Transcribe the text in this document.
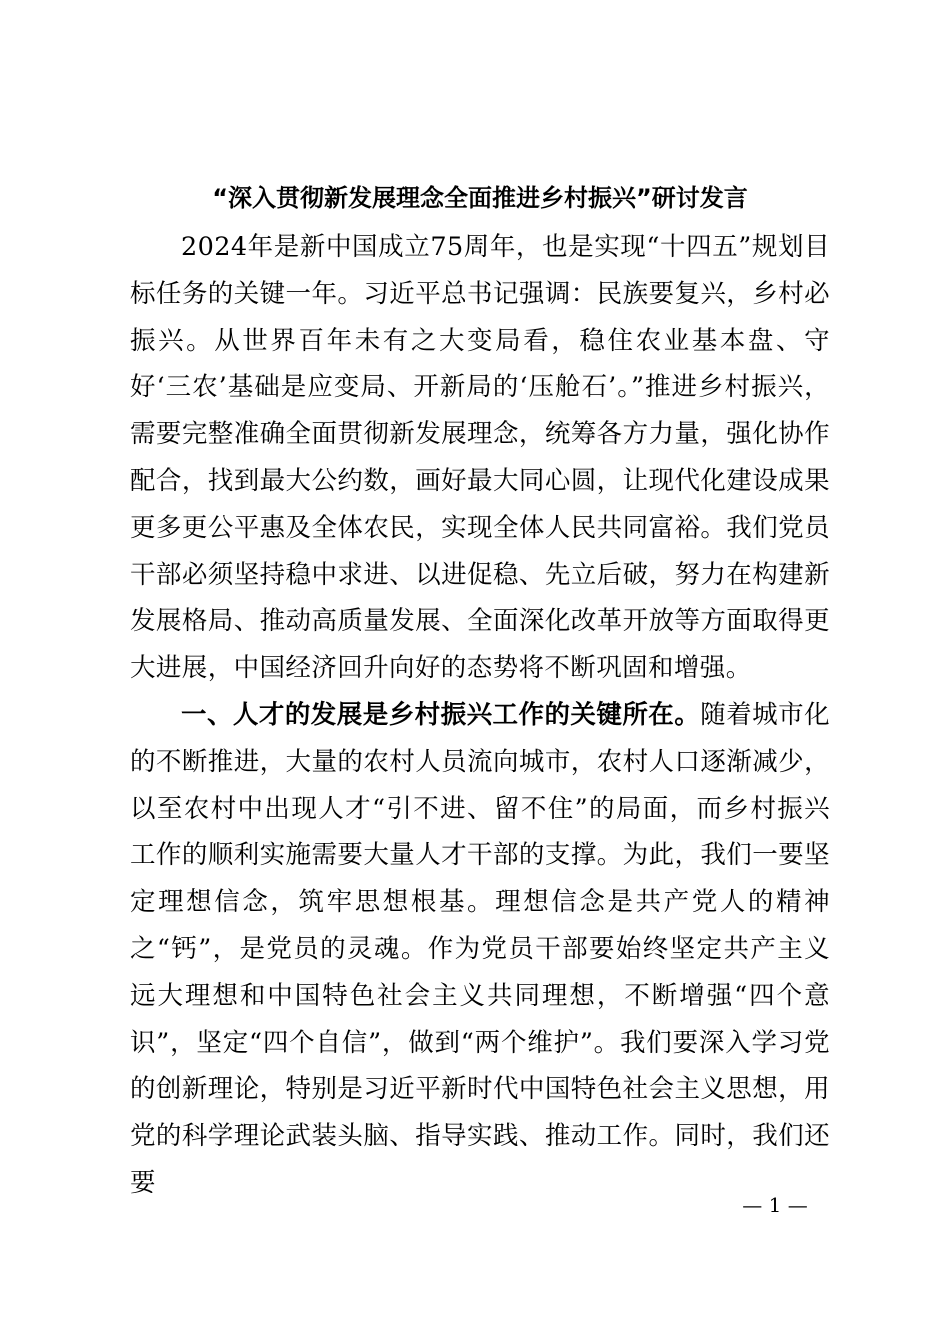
“深入贯彻新发展理念全面推进乡村振兴”研讨发言

2024年是新中国成立75周年，也是实现“十四五”规划目标任务的关键一年。习近平总书记强调：民族要复兴，乡村必振兴。从世界百年未有之大变局看，稳住农业基本盘、守好‘三农’基础是应变局、开新局的‘压舱石’。”推进乡村振兴，需要完整准确全面贯彻新发展理念，统筹各方力量，强化协作配合，找到最大公约数，画好最大同心圆，让现代化建设成果更多更公平惠及全体农民，实现全体人民共同富裕。我们党员干部必须坚持稳中求进、以进促稳、先立后破，努力在构建新发展格局、推动高质量发展、全面深化改革开放等方面取得更大进展，中国经济回升向好的态势将不断巩固和增强。

一、人才的发展是乡村振兴工作的关键所在。随着城市化的不断推进，大量的农村人员流向城市，农村人口逐渐减少，以至农村中出现人才“引不进、留不住”的局面，而乡村振兴工作的顺利实施需要大量人才干部的支撑。为此，我们一要坚定理想信念，筑牢思想根基。理想信念是共产党人的精神之“钙”，是党员的灵魂。作为党员干部要始终坚定共产主义远大理想和中国特色社会主义共同理想，不断增强“四个意识”，坚定“四个自信”，做到“两个维护”。我们要深入学习党的创新理论，特别是习近平新时代中国特色社会主义思想，用党的科学理论武装头脑、指导实践、推动工作。同时，我们还要

— 1 —
